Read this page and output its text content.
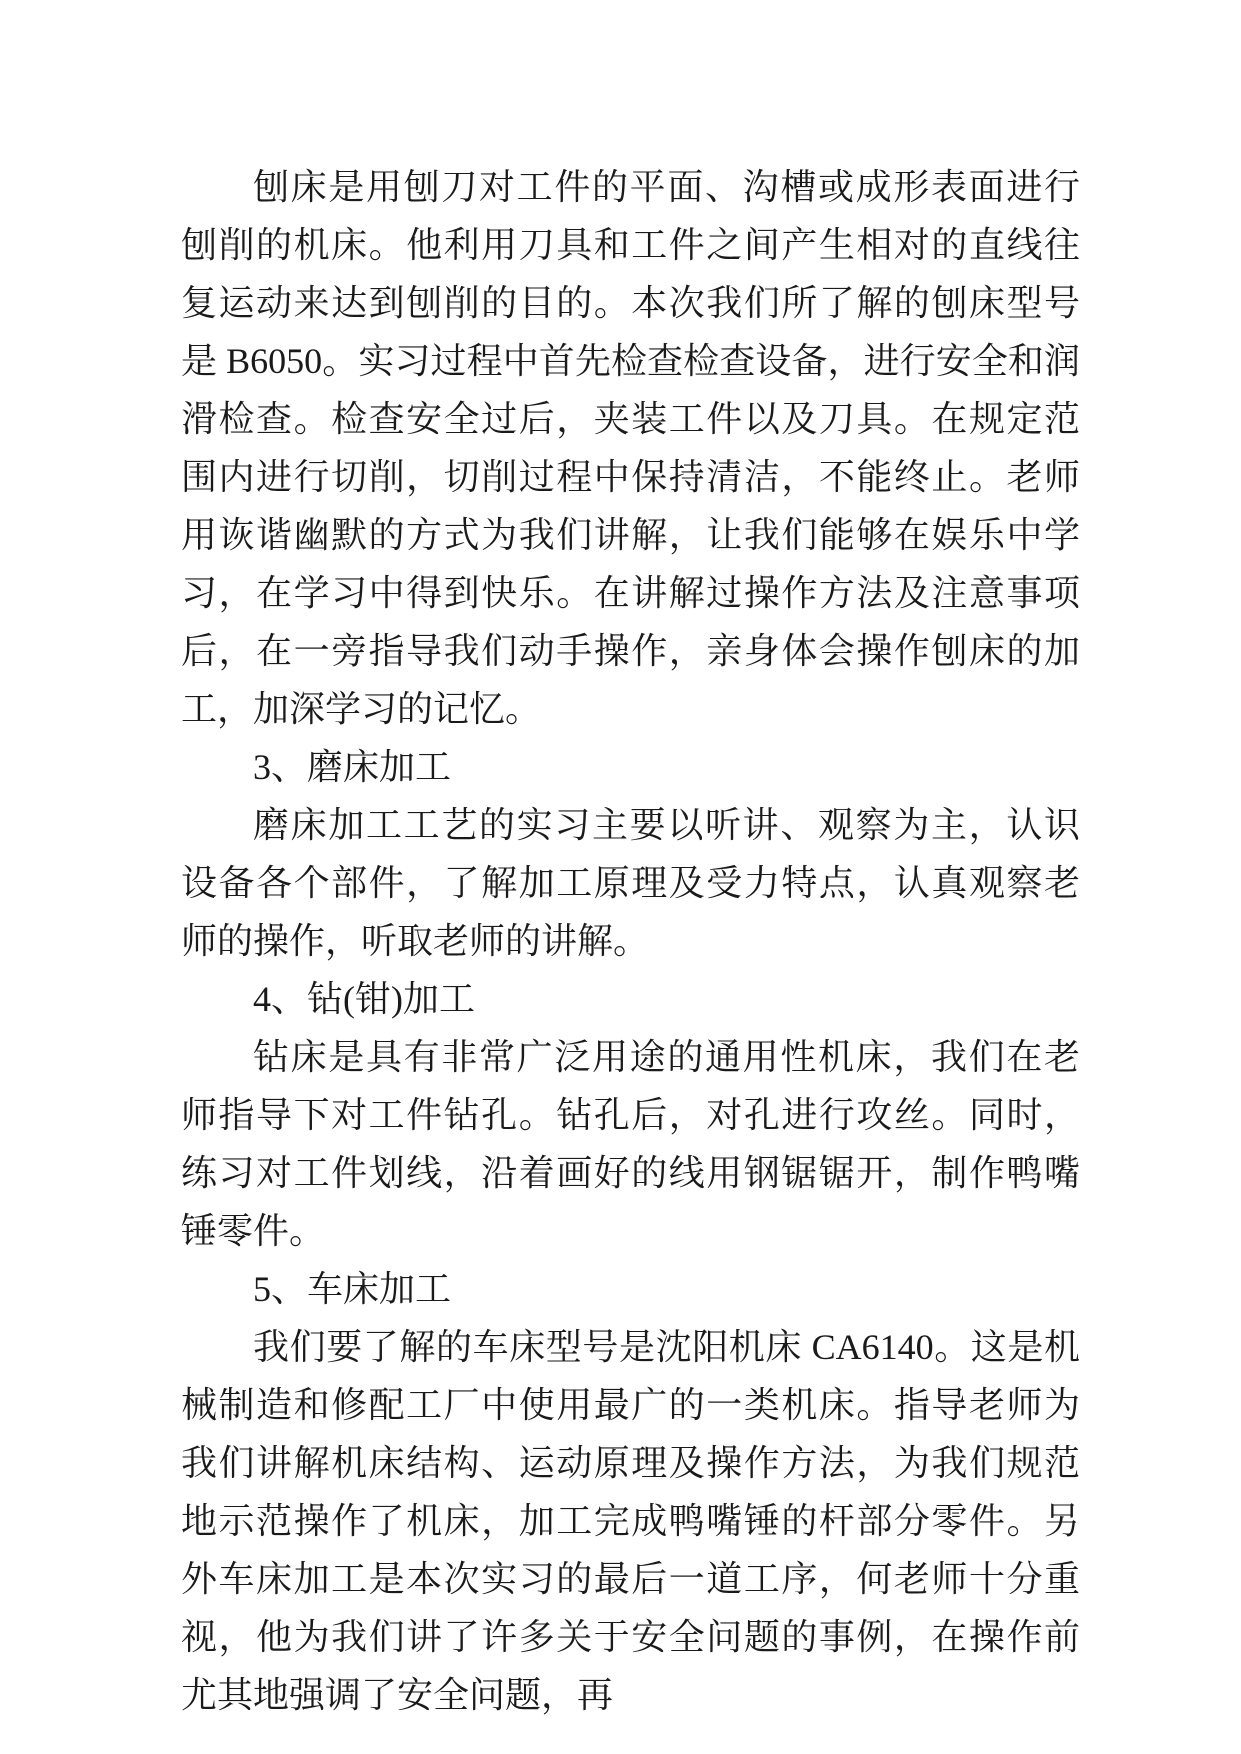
刨床是用刨刀对工件的平面、沟槽或成形表面进行刨削的机床。他利用刀具和工件之间产生相对的直线往复运动来达到刨削的目的。本次我们所了解的刨床型号是 B6050。实习过程中首先检查检查设备，进行安全和润滑检查。检查安全过后，夹装工件以及刀具。在规定范围内进行切削，切削过程中保持清洁，不能终止。老师用诙谐幽默的方式为我们讲解，让我们能够在娱乐中学习，在学习中得到快乐。在讲解过操作方法及注意事项后，在一旁指导我们动手操作，亲身体会操作刨床的加工，加深学习的记忆。

3、磨床加工

磨床加工工艺的实习主要以听讲、观察为主，认识设备各个部件，了解加工原理及受力特点，认真观察老师的操作，听取老师的讲解。

4、钻(钳)加工

钻床是具有非常广泛用途的通用性机床，我们在老师指导下对工件钻孔。钻孔后，对孔进行攻丝。同时，练习对工件划线，沿着画好的线用钢锯锯开，制作鸭嘴锤零件。

5、车床加工

我们要了解的车床型号是沈阳机床 CA6140。这是机械制造和修配工厂中使用最广的一类机床。指导老师为我们讲解机床结构、运动原理及操作方法，为我们规范地示范操作了机床，加工完成鸭嘴锤的杆部分零件。另外车床加工是本次实习的最后一道工序，何老师十分重视，他为我们讲了许多关于安全问题的事例，在操作前尤其地强调了安全问题，再
